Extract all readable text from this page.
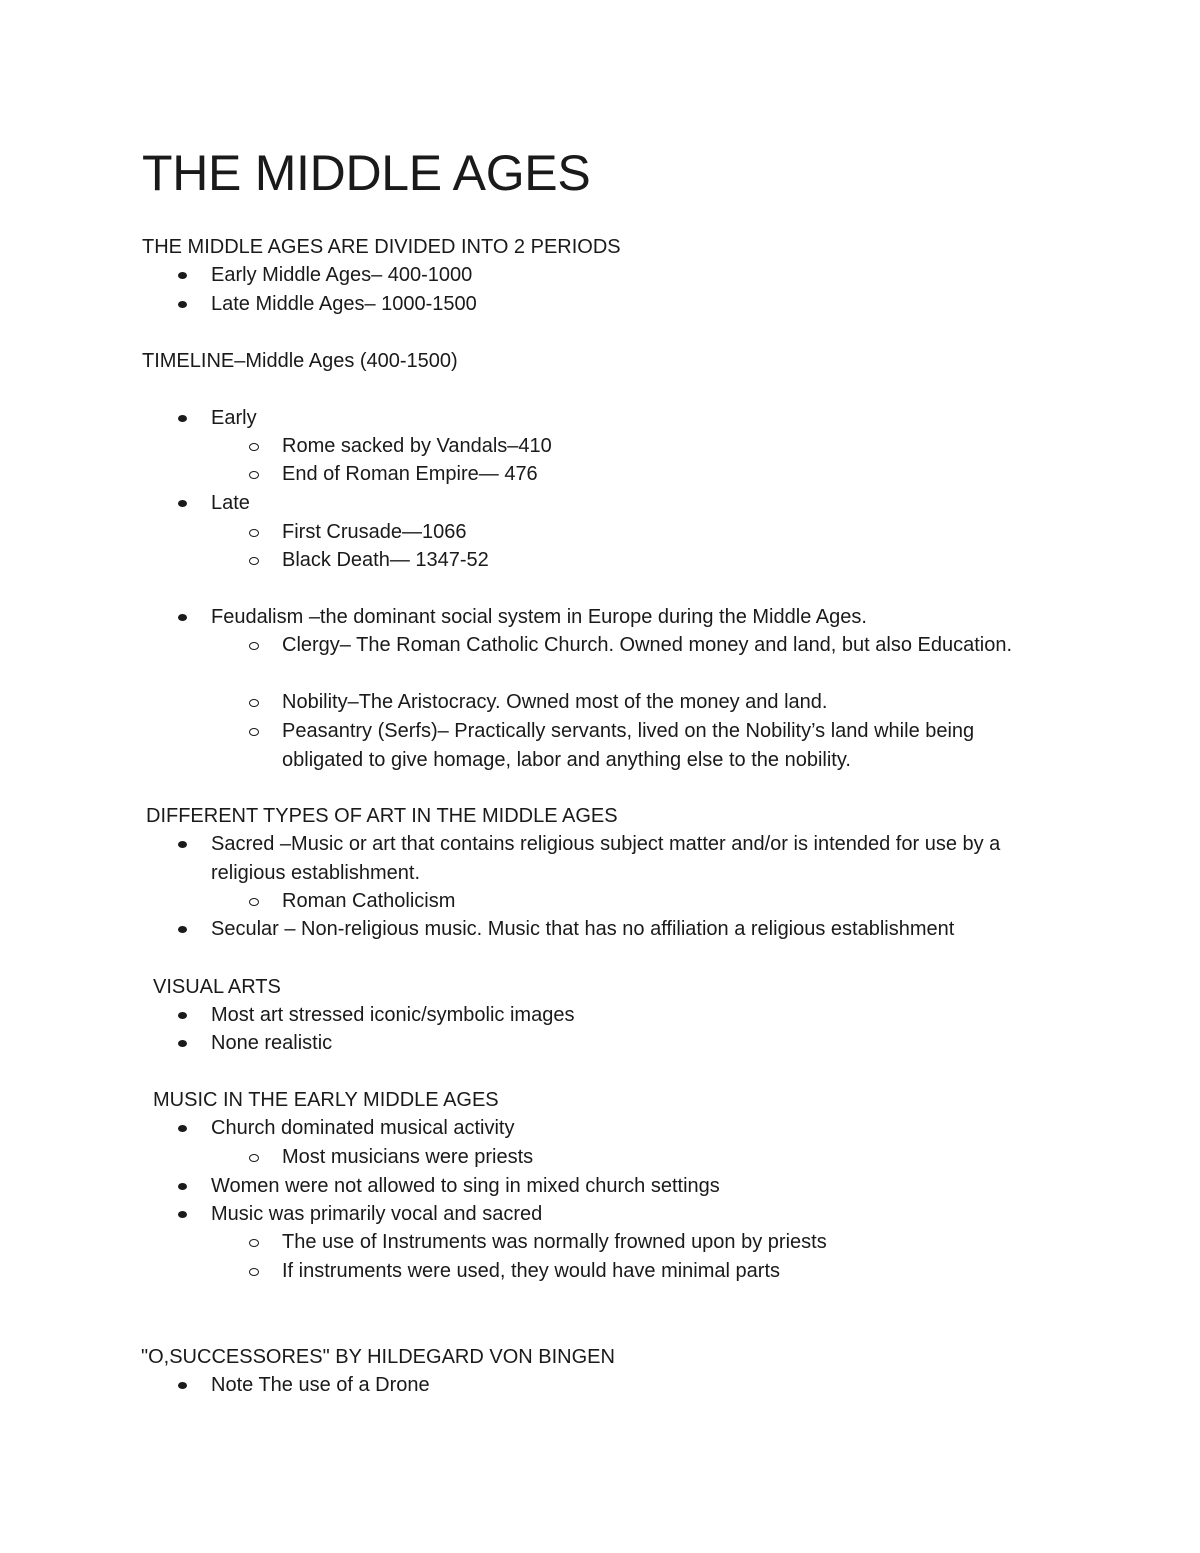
THE MIDDLE AGES

THE MIDDLE AGES ARE DIVIDED INTO 2 PERIODS

Early Middle Ages– 400-1000
Late Middle Ages– 1000-1500

TIMELINE–Middle Ages (400-1500)

Early
Rome sacked by Vandals–410
End of Roman Empire— 476
Late
First Crusade—1066
Black Death— 1347-52
Feudalism –the dominant social system in Europe during the Middle Ages.
Clergy– The Roman Catholic Church. Owned money and land, but also Education.
Nobility–The Aristocracy. Owned most of the money and land.
Peasantry (Serfs)– Practically servants, lived on the Nobility’s land while being obligated to give homage, labor and anything else to the nobility.

DIFFERENT TYPES OF ART IN THE MIDDLE AGES

Sacred –Music or art that contains religious subject matter and/or is intended for use by a religious establishment.
Roman Catholicism
Secular – Non-religious music. Music that has no affiliation a religious establishment

VISUAL ARTS

Most art stressed iconic/symbolic images
None realistic

MUSIC IN THE EARLY MIDDLE AGES

Church dominated musical activity
Most musicians were priests
Women were not allowed to sing in mixed church settings
Music was primarily vocal and sacred
The use of Instruments was normally frowned upon by priests
If instruments were used, they would have minimal parts

"O,SUCCESSORES" BY HILDEGARD VON BINGEN

Note The use of a Drone
